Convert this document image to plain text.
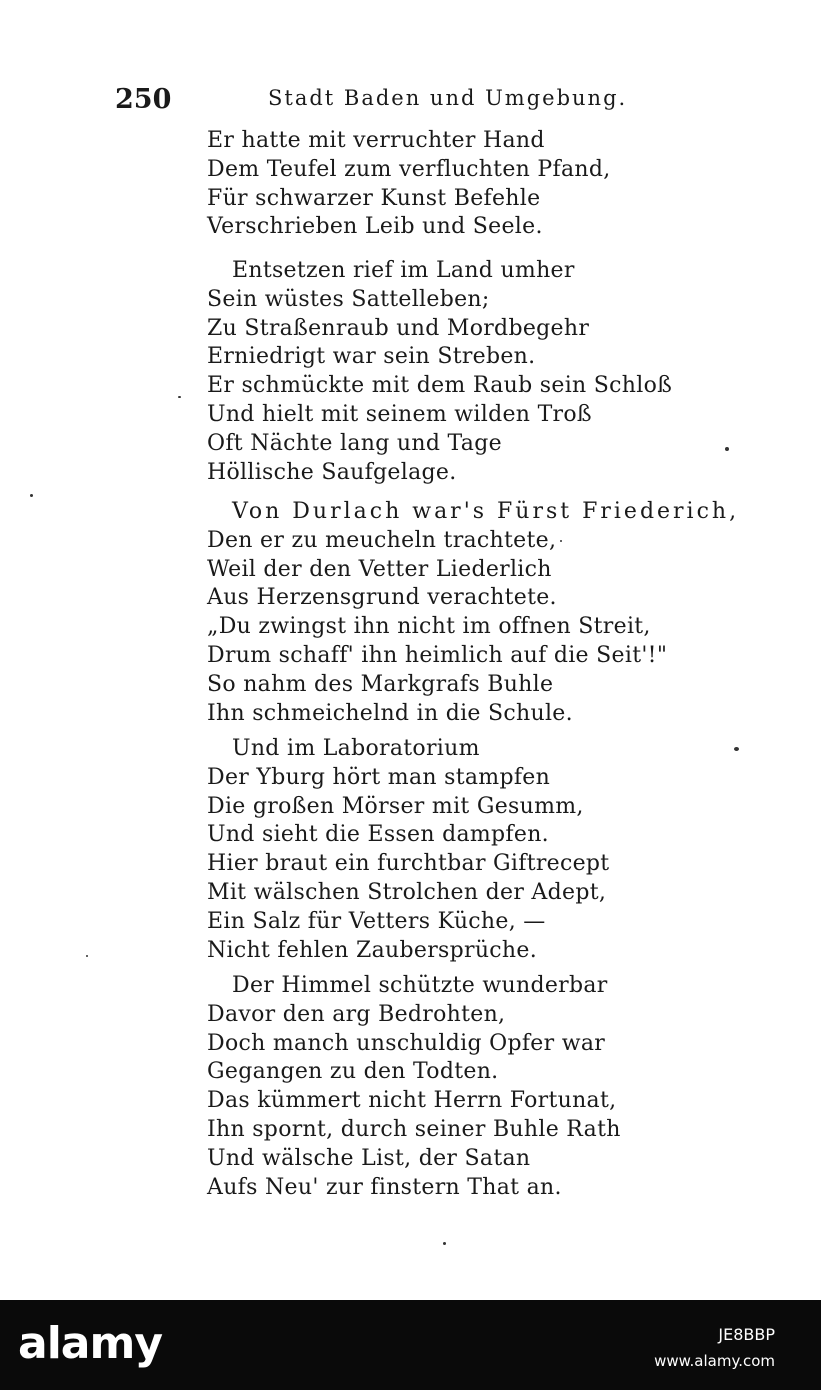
250	Stadt Baden und Umgebung.
Er hatte mit verruchter Hand
Dem Teufel zum verfluchten Pfand,
Für schwarzer Kunst Befehle
Verschrieben Leib und Seele.
Entsetzen rief im Land umher
Sein wüstes Sattelleben;
Zu Straßenraub und Mordbegehr
Erniedrigt war sein Streben.
Er schmückte mit dem Raub sein Schloß
Und hielt mit seinem wilden Troß
Oft Nächte lang und Tage
Höllische Saufgelage.
Von Durlach war's Fürst Friederich,
Den er zu meucheln trachtete,
Weil der den Vetter Liederlich
Aus Herzensgrund verachtete.
„Du zwingst ihn nicht im offnen Streit,
Drum schaff' ihn heimlich auf die Seit'!"
So nahm des Markgrafs Buhle
Ihn schmeichelnd in die Schule.
Und im Laboratorium
Der Yburg hört man stampfen
Die großen Mörser mit Gesumm,
Und sieht die Essen dampfen.
Hier braut ein furchtbar Giftrecept
Mit wälschen Strolchen der Adept,
Ein Salz für Vetters Küche, —
Nicht fehlen Zaubersprüche.
Der Himmel schützte wunderbar
Davor den arg Bedrohten,
Doch manch unschuldig Opfer war
Gegangen zu den Todten.
Das kümmert nicht Herrn Fortunat,
Ihn spornt, durch seiner Buhle Rath
Und wälsche List, der Satan
Aufs Neu' zur finstern That an.
alamy	JE8BBP
www.alamy.com
